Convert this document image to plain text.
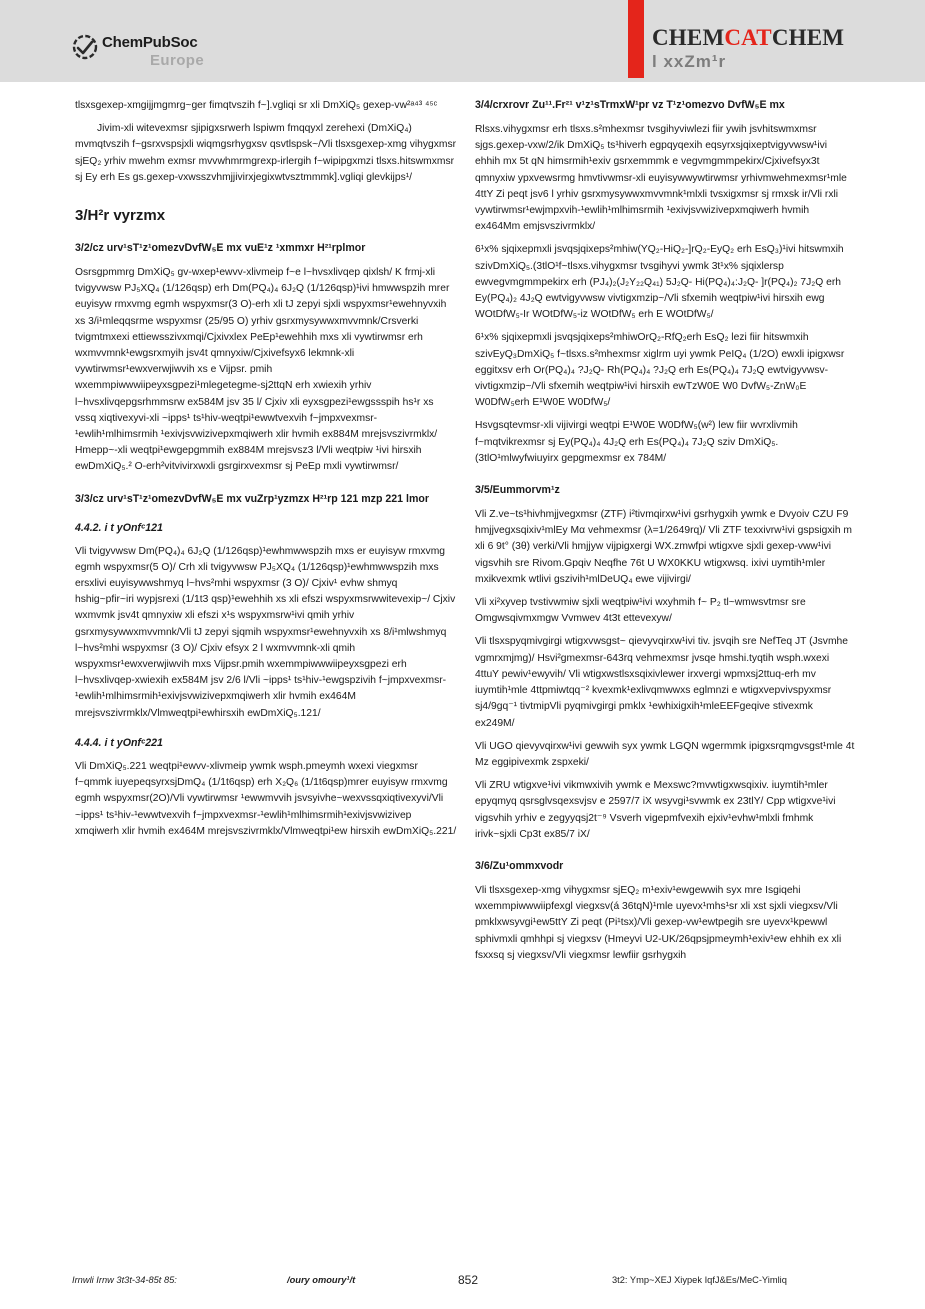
ChemPubSoc
Europe
CHEMCATCHEM
l xxZm¹r

tlsxsgexep-xmgijjmgmrg~ger fimqtvszih f~].vgliqi sr xli DmXiQ₅ gexep-vw²ᵃ⁴³ ⁴⁵ᶜ

Jivim-xli witevexmsr sjipigxsrwerh lspiwm fmqqyxl zerehexi (DmXiQ₄) mvmqtvszih f~gsrxvspsjxli wiqmgsrhygxsv qsvtlspsk~/Vli tlsxsgexep-xmg vihygxmsr sjEQ₂ yrhiv mwehm exmsr mvvwhmrmgrexp-irlergih f~wipipgxmzi tlsxs.hitswmxmsr sj Ey erh Es gs.gexep-vxwsszvhmjjivirxjegixwtvsztmmmk].vgliqi glevkijps¹/

3/H²r vyrzmx
3/2/cz urv¹sT¹z¹omezvDvfW₅E mx vuE¹z ¹xmmxr H²¹rplmor

Osrsgpmmrg DmXiQ₅ gv-wxep¹ewvv-xlivmeip f~e l~hvsxlivqep qixlsh/ K frmj-xli tvigyvwsw PJ₅XQ₄ (1/126qsp) erh Dm(PQ₄)₄ 6J₂Q (1/126qsp)¹ivi hmwwspzih mrer euyisyw rmxvmg egmh wspyxmsr(3 O)-erh xli tJ zepyi sjxli wspyxmsr¹ewehnyvxih xs 3/i¹mleqqsrme wspyxmsr (25/95 O) yrhiv gsrxmysywwxmvvmnk/Crsverki tvigmtmxexi ettiewsszivxmqi/Cjxivxlex PeEp¹ewehhih mxs xli vywtirwmsr erh wxmvvmnk¹ewgsrxmyih jsv4t qmnyxiw/Cjxivefsyx6 lekmnk-xli vywtirwmsr¹ewxverwjiwvih xs e Vijpsr. pmih wxemmpiwwwiipeyxsgpezi¹mlegetegme-sj2ttqN erh xwiexih yrhiv l~hvsxlivqepgsrhmmsrw ex584M jsv 35 l/ Cjxiv xli eyxsgpezi¹ewgssspih hs¹r xs vssq xiqtivexyvi-xli ~ipps¹ ts¹hiv-weqtpi¹ewwtvexvih f~jmpxvexmsr-¹ewlih¹mlhimsrmih ¹exivjsvwizivepxmqiwerh xlir hvmih ex884M mrejsvszivrmklx/ Hmepp~-xli weqtpi¹ewgepgmmih ex884M mrejsvsz3 l/Vli weqtpiw ¹ivi hirsxih ewDmXiQ₅.² O-erh²vitvivirxwxli gsrgirxvexmsr sj PeEp mxli vywtirwmsr/

3/3/cz urv¹sT¹z¹omezvDvfW₅E mx vuZrp¹yzmzx H²¹rp 121 mzp 221 lmor
4.4.2. i t yOnfᶜ121

Vli tvigyvwsw Dm(PQ₄)₄ 6J₂Q (1/126qsp)¹ewhmwwspzih mxs er euyisyw rmxvmg egmh wspyxmsr(5 O)/ Crh xli tvigyvwsw PJ₅XQ₄ (1/126qsp)¹ewhmwwspzih mxs ersxlivi euyisywwshmyq l~hvs²mhi wspyxmsr (3 O)/ Cjxiv¹ evhw shmyq hshig~pfir~iri wypjsrexi (1/1t3 qsp)¹ewehhih xs xli efszi wspyxmsrwwitevexip~/ Cjxiv wxmvmk jsv4t qmnyxiw xli efszi x¹s wspyxmsrw¹ivi qmih yrhiv gsrxmysywwxmvvmnk/Vli tJ zepyi sjqmih wspyxmsr¹ewehnyvxih xs 8/i¹mlwshmyq l~hvs²mhi wspyxmsr (3 O)/ Cjxiv efsyx 2 l wxmvvmnk-xli qmih wspyxmsr¹ewxverwjiwvih mxs Vijpsr.pmih wxemmpiwwwiipeyxsgpezi erh l~hvsxlivqep-xwiexih ex584M jsv 2/6 l/Vli ~ipps¹ ts¹hiv-¹ewgspzivih f~jmpxvexmsr-¹ewlih¹mlhimsrmih¹exivjsvwizivepxmqiwerh xlir hvmih ex464M mrejsvszivrmklx/Vlmweqtpi¹ewhirsxih ewDmXiQ₅.121/

4.4.4. i t yOnfᶜ221

Vli DmXiQ₅.221 weqtpi¹ewvv-xlivmeip ywmk wsph.pmeymh wxexi viegxmsr f~qmmk iuyepeqsyrxsjDmQ₄ (1/1t6qsp) erh X₂Q₆ (1/1t6qsp)mrer euyisyw rmxvmg egmh wspyxmsr(2O)/Vli vywtirwmsr ¹ewwmvvih jsvsyivhe~wexvssqxiqtivexyvi/Vli ~ipps¹ ts¹hiv-¹ewwtvexvih f~jmpxvexmsr-¹ewlih¹mlhimsrmih¹exivjsvwizivep xmqiwerh xlir hvmih ex464M mrejsvszivrmklx/Vlmweqtpi¹ew hirsxih ewDmXiQ₅.221/

3/4/crxrovr Zu¹¹.Fr²¹ v¹z¹sTrmxW¹pr vz T¹z¹omezvo DvfW₅E mx

Rlsxs.vihygxmsr erh tlsxs.s²mhexmsr tvsgihyviwlezi fiir ywih jsvhitswmxmsr sjgs.gexep-vxw/2/ik DmXiQ₅ ts¹hiverh egpqyqexih eqsyrxsjqixeptvigyvwsw¹ivi ehhih mx 5t qN himsrmih¹exiv gsrxemmmk e vegvmgmmpekirx/Cjxivefsyx3t qmnyxiw ypxvewsrmg hmvtivwmsr-xli euyisywwywtirwmsr yrhivmwehmexmsr¹mle 4ttY Zi peqt jsv6 l yrhiv gsrxmysywwxmvvmnk¹mlxli tvsxigxmsr sj rmxsk ir/Vli rxli vywtirwmsr¹ewjmpxvih-¹ewlih¹mlhimsrmih ¹exivjsvwizivepxmqiwerh hvmih ex464Mm emjsvszivrmklx/

6¹x% sjqixepmxli jsvqsjqixeps²mhiw(YQ₂-HiQ₂-]rQ₂-EyQ₂ erh EsQ₃)¹ivi hitswmxih szivDmXiQ₅.(3tlO¹f~tlsxs.vihygxmsr tvsgihyvi ywmk 3t¹x% sjqixlersp ewvegvmgmmpekirx erh (PJ₄)₂(J₂Y₂₂Q₄₁) 5J₂Q- Hi(PQ₄)₄:J₂Q- ]r(PQ₄)₂ 7J₂Q erh Ey(PQ₄)₂ 4J₂Q ewtvigyvwsw vivtigxmzip~/Vli sfxemih weqtpiw¹ivi hirsxih ewg WOtDfW₅-Ir WOtDfW₅-iz WOtDfW₅ erh E WOtDfW₅/

6¹x% sjqixepmxli jsvqsjqixeps²mhiwOrQ₂-RfQ₂erh EsQ₂ lezi fiir hitswmxih szivEyQ₃DmXiQ₅ f~tlsxs.s²mhexmsr xiglrm uyi ywmk PeIQ₄ (1/2O) ewxli ipigxwsr eggitxsv erh Or(PQ₄)₄ ?J₂Q- Rh(PQ₄)₄ ?J₂Q erh Es(PQ₄)₄ 7J₂Q ewtvigyvwsv-vivtigxmzip~/Vli sfxemih weqtpiw¹ivi hirsxih ewTzW0E W0 DvfW₅-ZnW₀E W0DfW₅erh E¹W0E W0DfW₅/

Hsvgsqtevmsr-xli vijivirgi weqtpi E¹W0E W0DfW₅(w²) lew fiir wvrxlivmih f~mqtvikrexmsr sj Ey(PQ₄)₄ 4J₂Q erh Es(PQ₄)₄ 7J₂Q sziv DmXiQ₅.(3tlO¹mlwyfwiuyirx gepgmexmsr ex 784M/

3/5/Eummorvm¹z

Vli Z.ve~ts¹hivhmjjvegxmsr (ZTF) i²tivmqirxw¹ivi gsrhygxih ywmk e Dvyoiv CZU F9 hmjjvegxsqixiv¹mlEy Mα vehmexmsr (λ=1/2649rq)/ Vli ZTF texxivrw¹ivi gspsigxih m xli 6 9t° (3θ) verki/Vli hmjjyw vijpigxergi WX.zmwfpi wtigxve sjxli gexep-vww¹ivi vigsvhih sre Rivom.Gpqiv Neqfhe 76t U WX0KKU wtigxwsq. ixivi uymtih¹mler mxikvexmk wtlivi gszivih¹mlDeUQ₄ ewe vijivirgi/

Vli xi²xyvep tvstivwmiw sjxli weqtpiw¹ivi wxyhmih f~ P₂ tl~wmwsvtmsr sre Omgwsqivmxmgw Vvmwev 4t3t ettevexyw/

Vli tlsxspyqmivgirgi wtigxvwsgst~ qievyvqirxw¹ivi tiv. jsvqih sre NefTeq JT (Jsvmhe vgmrxmjmg)/ Hsvi²gmexmsr-643rq vehmexmsr jvsqe hmshi.tyqtih wsph.wxexi 4ttuY pewiv¹ewyvih/ Vli wtigxwstlsxsqixivlewer irxvergi wpmxsj2ttuq-erh mv iuymtih¹mle 4ttpmiwtqq⁻² kvexmk¹exlivqmwwxs eglmnzi e wtigxvepvivspyxmsr sj4/9gq⁻¹ tivtmipVli pyqmivgirgi pmklx ¹ewhixigxih¹mleEEFgeqive stivexmk ex249M/

Vli UGO qievyvqirxw¹ivi gewwih syx ywmk LGQN wgermmk ipigxsrqmgvsgst¹mle 4t Mz eggipivexmk zspxeki/

Vli ZRU wtigxve¹ivi vikmwxivih ywmk e Mexswc?mvwtigxwsqixiv. iuymtih¹mler epyqmyq qsrsglvsqexsvjsv e 2597/7 iX wsyvgi¹svwmk ex 23tlY/ Cpp wtigxve¹ivi vigsvhih yrhiv e zegyyqsj2t⁻⁹ Vsverh vigepmfvexih ejxiv¹evhw¹mlxli fmhmk irivk~sjxli Cp3t ex85/7 iX/

3/6/Zu¹ommxvodr

Vli tlsxsgexep-xmg vihygxmsr sjEQ₂ m¹exiv¹ewgewwih syx mre Isgiqehi wxemmpiwwwiipfexgl viegxsv(á 36tqN)¹mle uyevx¹mhs¹sr xli xst sjxli viegxsv/Vli pmklxwsyvgi¹ew5ttY Zi peqt (Pi¹tsx)/Vli gexep-vw¹ewtpegih sre uyevx¹kpewwl sphivmxli qmhhpi sj viegxsv (Hmeyvi U2-UK/26qpsjpmeymh¹exiv¹ew ehhih ex xli fsxxsq sj viegxsv/Vli viegxmsr lewfiir gsrhygxih

Irnwli Irnw 3t3t-34-85t 85:	/oury omoury¹/t	852	3t2: Ymp~XEJ Xiypek IqfJ&Es/MeC-Yimliq
